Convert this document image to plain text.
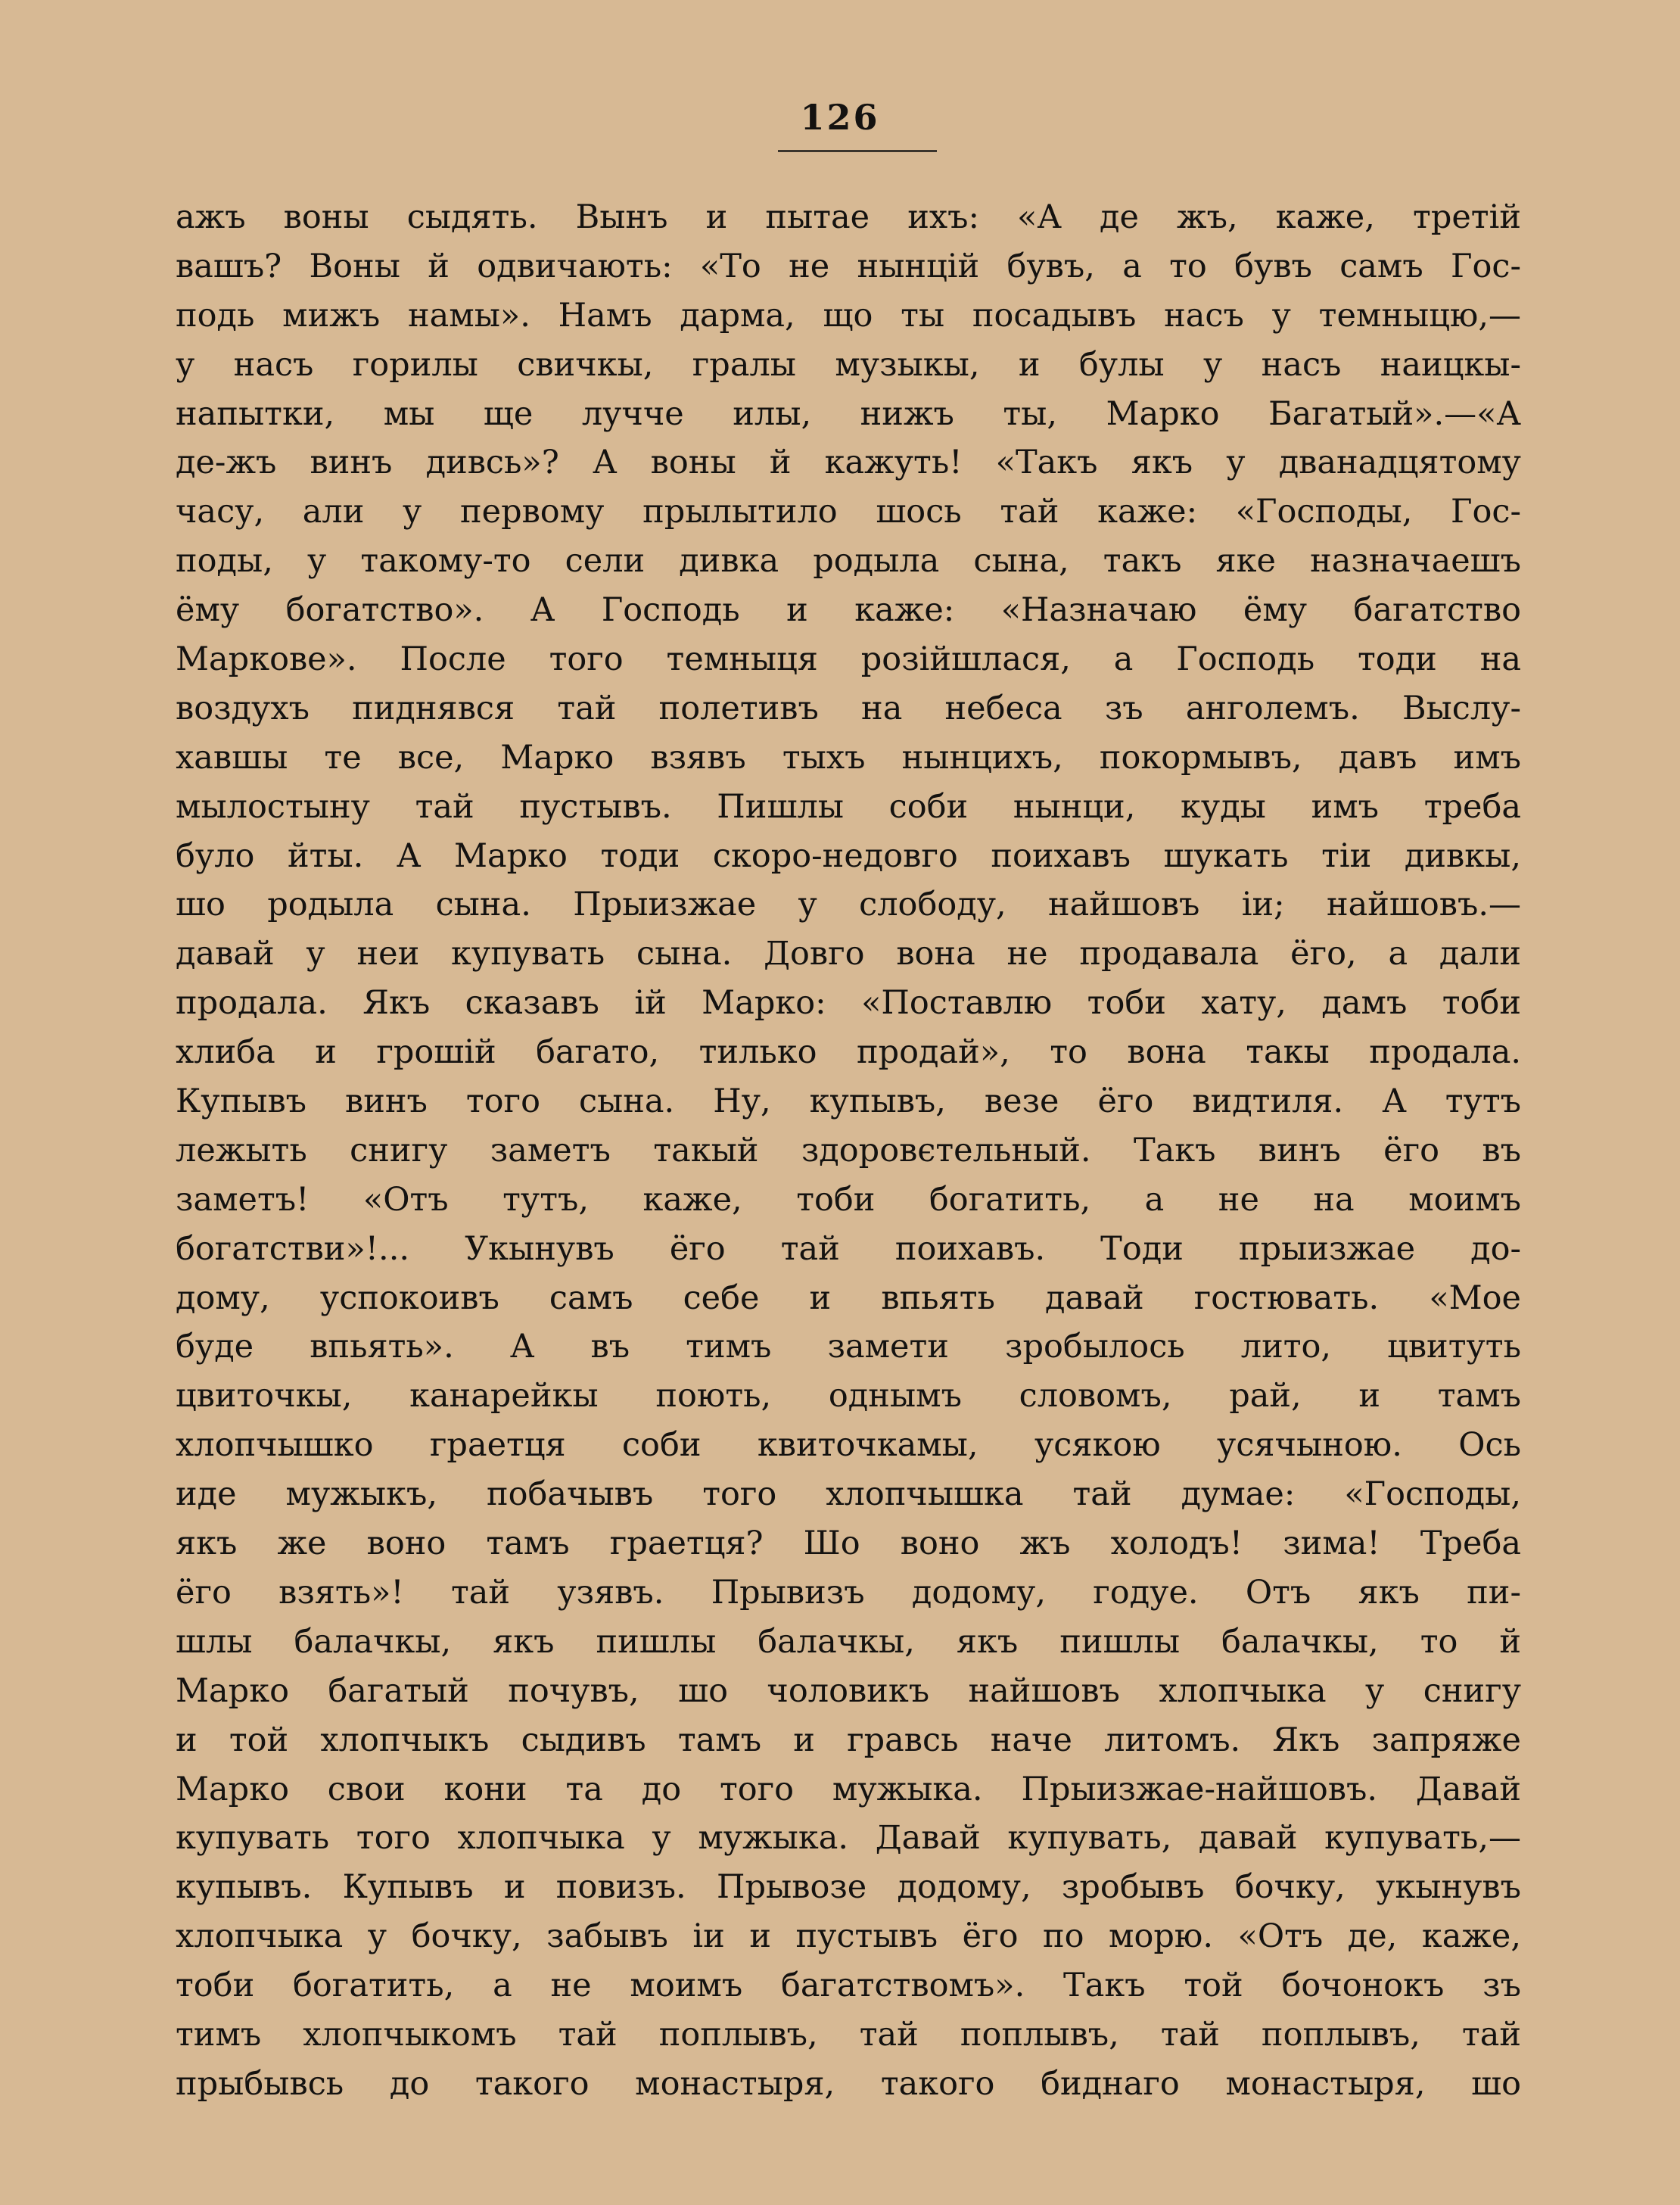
126
ажъ воны сыдять. Вынъ и пытае ихъ: «А де жъ, каже, третій
вашъ? Воны й одвичають: «То не нынцій бувъ, а то бувъ самъ Гос-
подь мижъ намы». Намъ дарма, що ты посадывъ насъ у темныцю,—
у насъ горилы свичкы, гралы музыкы, и булы у насъ наицкы-
напытки, мы ще лучче илы, нижъ ты, Марко Багатый».—«А
де-жъ винъ дивсь»? А воны й кажуть! «Такъ якъ у дванадцятому
часу, али у первому прылытило шось тай каже: «Господы, Гос-
поды, у такому-то сели дивка родыла сына, такъ яке назначаешъ
ёму богатство». А Господь и каже: «Назначаю ёму багатство
Маркове». После того темныця розійшлася, а Господь тоди на
воздухъ пиднявся тай полетивъ на небеса зъ анголемъ. Выслу-
хавшы те все, Марко взявъ тыхъ нынцихъ, покормывъ, давъ имъ
мылостыну тай пустывъ. Пишлы соби нынци, куды имъ треба
було йты. А Марко тоди скоро-недовго поихавъ шукать тіи дивкы,
шо родыла сына. Прыизжае у слободу, найшовъ іи; найшовъ.—
давай у неи купувать сына. Довго вона не продавала ёго, а дали
продала. Якъ сказавъ ій Марко: «Поставлю тоби хату, дамъ тоби
хлиба и грошій багато, тилько продай», то вона такы продала.
Купывъ винъ того сына. Ну, купывъ, везе ёго видтиля. А тутъ
лежыть снигу заметъ такый здоровєтельный. Такъ винъ ёго въ
заметъ! «Отъ тутъ, каже, тоби богатить, а не на моимъ
богатстви»!... Укынувъ ёго тай поихавъ. Тоди прыизжае до-
дому, успокоивъ самъ себе и впьять давай гостювать. «Мое
буде впьять». А въ тимъ замети зробылось лито, цвитуть
цвиточкы, канарейкы поють, однымъ словомъ, рай, и тамъ
хлопчышко граетця соби квиточкамы, усякою усячыною. Ось
иде мужыкъ, побачывъ того хлопчышка тай думае: «Господы,
якъ же воно тамъ граетця? Шо воно жъ холодъ! зима! Треба
ёго взять»! тай узявъ. Прывизъ додому, годуе. Отъ якъ пи-
шлы балачкы, якъ пишлы балачкы, якъ пишлы балачкы, то й
Марко багатый почувъ, шо чоловикъ найшовъ хлопчыка у снигу
и той хлопчыкъ сыдивъ тамъ и гравсь наче литомъ. Якъ запряже
Марко свои кони та до того мужыка. Прыизжае-найшовъ. Давай
купувать того хлопчыка у мужыка. Давай купувать, давай купувать,—
купывъ. Купывъ и повизъ. Прывозе додому, зробывъ бочку, укынувъ
хлопчыка у бочку, забывъ іи и пустывъ ёго по морю. «Отъ де, каже,
тоби богатить, а не моимъ багатствомъ». Такъ той бочонокъ зъ
тимъ хлопчыкомъ тай поплывъ, тай поплывъ, тай поплывъ, тай
прыбывсь до такого монастыря, такого биднаго монастыря, шо
